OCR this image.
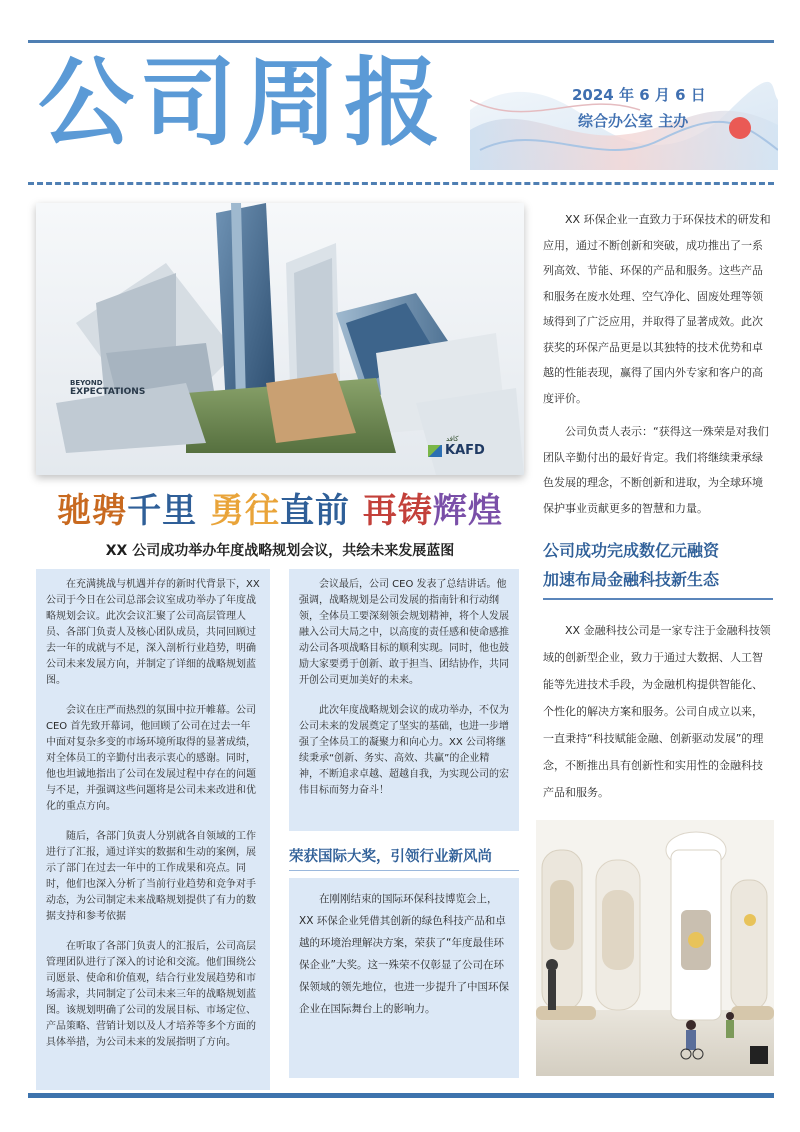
公司周报	2024 年 6 月 6 日
综合办公室 主办
BEYOND
EXPECTATIONS
كافد
KAFD
驰骋千里 勇往直前 再铸辉煌
XX 公司成功举办年度战略规划会议，共绘未来发展蓝图

在充满挑战与机遇并存的新时代背景下，XX 公司于今日在公司总部会议室成功举办了年度战略规划会议。此次会议汇聚了公司高层管理人员、各部门负责人及核心团队成员，共同回顾过去一年的成就与不足，深入剖析行业趋势，明确公司未来发展方向，并制定了详细的战略规划蓝图。

会议在庄严而热烈的氛围中拉开帷幕。公司 CEO 首先致开幕词，他回顾了公司在过去一年中面对复杂多变的市场环境所取得的显著成绩，对全体员工的辛勤付出表示衷心的感谢。同时，他也坦诚地指出了公司在发展过程中存在的问题与不足，并强调这些问题将是公司未来改进和优化的重点方向。

随后，各部门负责人分别就各自领域的工作进行了汇报，通过详实的数据和生动的案例，展示了部门在过去一年中的工作成果和亮点。同时，他们也深入分析了当前行业趋势和竞争对手动态，为公司制定未来战略规划提供了有力的数据支持和参考依据

在听取了各部门负责人的汇报后，公司高层管理团队进行了深入的讨论和交流。他们围绕公司愿景、使命和价值观，结合行业发展趋势和市场需求，共同制定了公司未来三年的战略规划蓝图。该规划明确了公司的发展目标、市场定位、产品策略、营销计划以及人才培养等多个方面的具体举措，为公司未来的发展指明了方向。

会议最后，公司 CEO 发表了总结讲话。他强调，战略规划是公司发展的指南针和行动纲领，全体员工要深刻领会规划精神，将个人发展融入公司大局之中，以高度的责任感和使命感推动公司各项战略目标的顺利实现。同时，他也鼓励大家要勇于创新、敢于担当、团结协作，共同开创公司更加美好的未来。

此次年度战略规划会议的成功举办，不仅为公司未来的发展奠定了坚实的基础，也进一步增强了全体员工的凝聚力和向心力。XX 公司将继续秉承“创新、务实、高效、共赢”的企业精神，不断追求卓越、超越自我，为实现公司的宏伟目标而努力奋斗！

荣获国际大奖，引领行业新风尚

在刚刚结束的国际环保科技博览会上，XX 环保企业凭借其创新的绿色科技产品和卓越的环境治理解决方案，荣获了“年度最佳环保企业”大奖。这一殊荣不仅彰显了公司在环保领域的领先地位，也进一步提升了中国环保企业在国际舞台上的影响力。

XX 环保企业一直致力于环保技术的研发和应用，通过不断创新和突破，成功推出了一系列高效、节能、环保的产品和服务。这些产品和服务在废水处理、空气净化、固废处理等领域得到了广泛应用，并取得了显著成效。此次获奖的环保产品更是以其独特的技术优势和卓越的性能表现，赢得了国内外专家和客户的高度评价。

公司负责人表示：“获得这一殊荣是对我们团队辛勤付出的最好肯定。我们将继续秉承绿色发展的理念，不断创新和进取，为全球环境保护事业贡献更多的智慧和力量。

公司成功完成数亿元融资
加速布局金融科技新生态

XX 金融科技公司是一家专注于金融科技领域的创新型企业，致力于通过大数据、人工智能等先进技术手段，为金融机构提供智能化、个性化的解决方案和服务。公司自成立以来，一直秉持“科技赋能金融、创新驱动发展”的理念，不断推出具有创新性和实用性的金融科技产品和服务。
